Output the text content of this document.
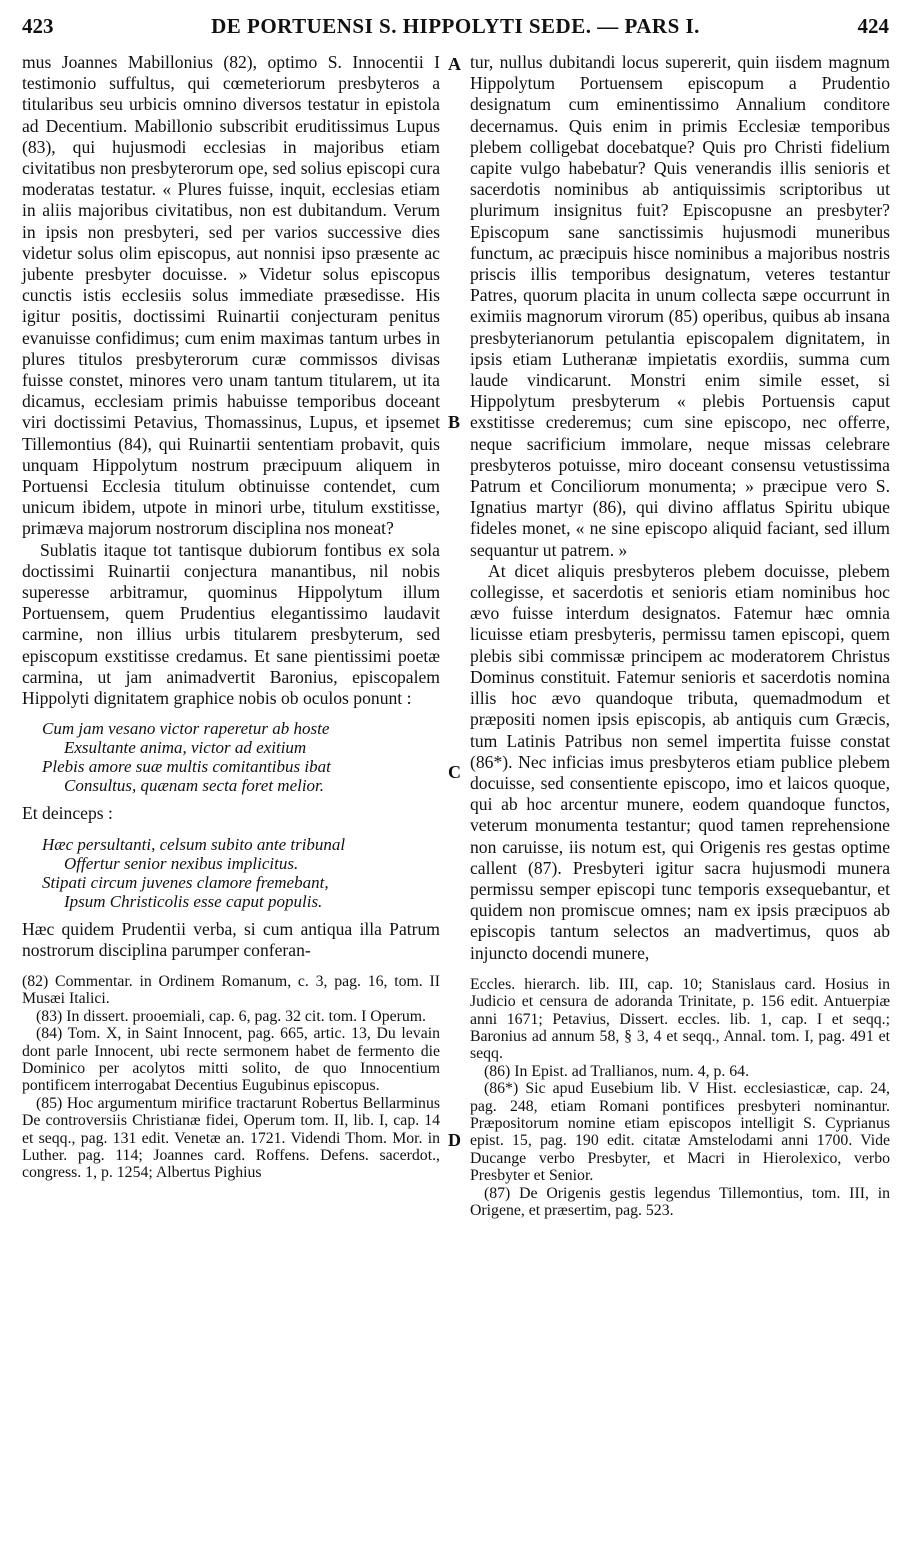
423	DE PORTUENSI S. HIPPOLYTI SEDE. — PARS I.	424
A
B
C
D

mus Joannes Mabillonius (82), optimo S. Innocentii I testimonio suffultus, qui cœmeteriorum presbyteros a titularibus seu urbicis omnino diversos testatur in epistola ad Decentium. Mabillonio subscribit eruditissimus Lupus (83), qui hujusmodi ecclesias in majoribus etiam civitatibus non presbyterorum ope, sed solius episcopi cura moderatas testatur. « Plures fuisse, inquit, ecclesias etiam in aliis majoribus civitatibus, non est dubitandum. Verum in ipsis non presbyteri, sed per varios successive dies videtur solus olim episcopus, aut nonnisi ipso præsente ac jubente presbyter docuisse. » Videtur solus episcopus cunctis istis ecclesiis solus immediate præsedisse. His igitur positis, doctissimi Ruinartii conjecturam penitus evanuisse confidimus; cum enim maximas tantum urbes in plures titulos presbyterorum curæ commissos divisas fuisse constet, minores vero unam tantum titularem, ut ita dicamus, ecclesiam primis habuisse temporibus doceant viri doctissimi Petavius, Thomassinus, Lupus, et ipsemet Tillemontius (84), qui Ruinartii sententiam probavit, quis unquam Hippolytum nostrum præcipuum aliquem in Portuensi Ecclesia titulum obtinuisse contendet, cum unicum ibidem, utpote in minori urbe, titulum exstitisse, primæva majorum nostrorum disciplina nos moneat?

Sublatis itaque tot tantisque dubiorum fontibus ex sola doctissimi Ruinartii conjectura manantibus, nil nobis superesse arbitramur, quominus Hippolytum illum Portuensem, quem Prudentius elegantissimo laudavit carmine, non illius urbis titularem presbyterum, sed episcopum exstitisse credamus. Et sane pientissimi poetæ carmina, ut jam animadvertit Baronius, episcopalem Hippolyti dignitatem graphice nobis ob oculos ponunt :

Cum jam vesano victor raperetur ab hoste
Exsultante anima, victor ad exitium
Plebis amore suæ multis comitantibus ibat
Consultus, quænam secta foret melior.

Et deinceps :

Hæc persultanti, celsum subito ante tribunal
Offertur senior nexibus implicitus.
Stipati circum juvenes clamore fremebant,
Ipsum Christicolis esse caput populis.

Hæc quidem Prudentii verba, si cum antiqua illa Patrum nostrorum disciplina parumper conferan-

(82) Commentar. in Ordinem Romanum, c. 3, pag. 16, tom. II Musæi Italici.

(83) In dissert. prooemiali, cap. 6, pag. 32 cit. tom. I Operum.

(84) Tom. X, in Saint Innocent, pag. 665, artic. 13, Du levain dont parle Innocent, ubi recte sermonem habet de fermento die Dominico per acolytos mitti solito, de quo Innocentium pontificem interrogabat Decentius Eugubinus episcopus.

(85) Hoc argumentum mirifice tractarunt Robertus Bellarminus De controversiis Christianæ fidei, Operum tom. II, lib. I, cap. 14 et seqq., pag. 131 edit. Venetæ an. 1721. Videndi Thom. Mor. in Luther. pag. 114; Joannes card. Roffens. Defens. sacerdot., congress. 1, p. 1254; Albertus Pighius

tur, nullus dubitandi locus supererit, quin iisdem magnum Hippolytum Portuensem episcopum a Prudentio designatum cum eminentissimo Annalium conditore decernamus. Quis enim in primis Ecclesiæ temporibus plebem colligebat docebatque? Quis pro Christi fidelium capite vulgo habebatur? Quis venerandis illis senioris et sacerdotis nominibus ab antiquissimis scriptoribus ut plurimum insignitus fuit? Episcopusne an presbyter? Episcopum sane sanctissimis hujusmodi muneribus functum, ac præcipuis hisce nominibus a majoribus nostris priscis illis temporibus designatum, veteres testantur Patres, quorum placita in unum collecta sæpe occurrunt in eximiis magnorum virorum (85) operibus, quibus ab insana presbyterianorum petulantia episcopalem dignitatem, in ipsis etiam Lutheranæ impietatis exordiis, summa cum laude vindicarunt. Monstri enim simile esset, si Hippolytum presbyterum « plebis Portuensis caput exstitisse crederemus; cum sine episcopo, nec offerre, neque sacrificium immolare, neque missas celebrare presbyteros potuisse, miro doceant consensu vetustissima Patrum et Conciliorum monumenta; » præcipue vero S. Ignatius martyr (86), qui divino afflatus Spiritu ubique fideles monet, « ne sine episcopo aliquid faciant, sed illum sequantur ut patrem. »

At dicet aliquis presbyteros plebem docuisse, plebem collegisse, et sacerdotis et senioris etiam nominibus hoc ævo fuisse interdum designatos. Fatemur hæc omnia licuisse etiam presbyteris, permissu tamen episcopi, quem plebis sibi commissæ principem ac moderatorem Christus Dominus constituit. Fatemur senioris et sacerdotis nomina illis hoc ævo quandoque tributa, quemadmodum et præpositi nomen ipsis episcopis, ab antiquis cum Græcis, tum Latinis Patribus non semel impertita fuisse constat (86*). Nec inficias imus presbyteros etiam publice plebem docuisse, sed consentiente episcopo, imo et laicos quoque, qui ab hoc arcentur munere, eodem quandoque functos, veterum monumenta testantur; quod tamen reprehensione non caruisse, iis notum est, qui Origenis res gestas optime callent (87). Presbyteri igitur sacra hujusmodi munera permissu semper episcopi tunc temporis exsequebantur, et quidem non promiscue omnes; nam ex ipsis præcipuos ab episcopis tantum selectos an madvertimus, quos ab injuncto docendi munere,

Eccles. hierarch. lib. III, cap. 10; Stanislaus card. Hosius in Judicio et censura de adoranda Trinitate, p. 156 edit. Antuerpiæ anni 1671; Petavius, Dissert. eccles. lib. 1, cap. I et seqq.; Baronius ad annum 58, § 3, 4 et seqq., Annal. tom. I, pag. 491 et seqq.

(86) In Epist. ad Trallianos, num. 4, p. 64.

(86*) Sic apud Eusebium lib. V Hist. ecclesiasticæ, cap. 24, pag. 248, etiam Romani pontifices presbyteri nominantur. Præpositorum nomine etiam episcopos intelligit S. Cyprianus epist. 15, pag. 190 edit. citatæ Amstelodami anni 1700. Vide Ducange verbo Presbyter, et Macri in Hierolexico, verbo Presbyter et Senior.

(87) De Origenis gestis legendus Tillemontius, tom. III, in Origene, et præsertim, pag. 523.
